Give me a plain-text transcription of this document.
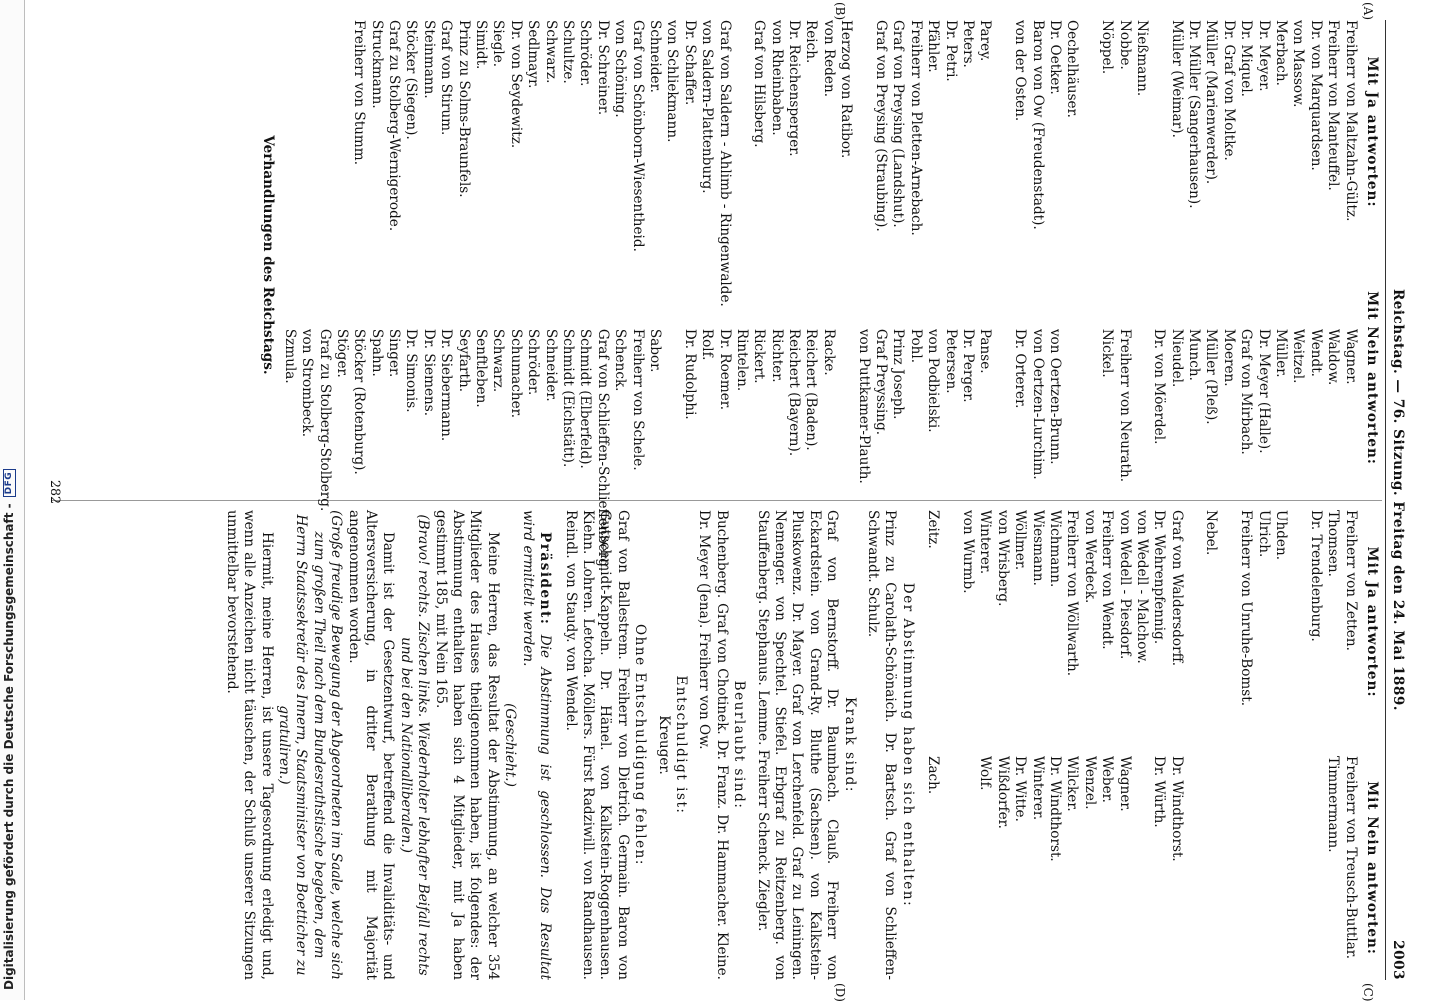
Digitalisierung gefördert durch die Deutsche Forschungsgemeinschaft -
DFG	Reichstag. — 76. Sitzung. Freitag den 24. Mai 1889.
2003
(A)
(B)
(C)
(D)
Mit Ja antworten:
Mit Nein antworten:
Freiherr von Maltzahn-Gültz.
Freiherr von Manteuffel.
Dr. von Marquardsen.
von Massow.
Merbach.
Dr. Meyer.
Dr. Miquel.
Dr. Graf von Moltke.
Müller (Marienwerder).
Dr. Müller (Sangerhausen).
Müller (Weimar).
Nießmann.
Nobbe.
Nöppel.
Oechelhäuser.
Dr. Oetker.
Baron von Ow (Freudenstadt).
von der Osten.
Parey.
Peters.
Dr. Petri.
Pfähler.
Freiherr von Pletten-Arnebach.
Graf von Preysing (Landshut).
Graf von Preysing (Straubing).
Herzog von Ratibor.
von Reden.
Reich.
Dr. Reichensperger.
von Rheinbaben.
Graf von Hilsberg.
Graf von Saldern - Ahlimb - Ringenwalde.
von Saldern-Plattenburg.
Dr. Schaffer.
von Schliekmann.
Schneider.
Graf von Schönborn-Wiesentheid.
von Schöning.
Dr. Schreiner.
Schröder.
Schultze.
Schwarz.
Sedlmayr.
Dr. von Seydewitz.
Siegle.
Simidt.
Prinz zu Solms-Braunfels.
Graf von Stirum.
Steinmann.
Stöcker (Siegen).
Graf zu Stolberg-Wernigerode.
Struckmann.
Freiherr von Stumm.
Wagner.
Waldow.
Wendt.
Weitzel.
Müller.
Dr. Meyer (Halle).
Graf von Mirbach.
Moeren.
Müller (Pleß).
Munch.
Nieudel.
Dr. von Möerdel.
Freiherr von Neurath.
Nickel.
von Oertzen-Brunn.
von Oertzen-Lurchim.
Dr. Orterer.
Panse.
Dr. Perger.
Petersen.
von Podbielski.
Pohl.
Prinz Joseph.
Graf Preyssing.
von Puttkamer-Plauth.
Racke.
Reichert (Baden).
Reichert (Bayern).
Richter.
Rickert.
Rintelen.
Dr. Roemer.
Rolf.
Dr. Rudolphi.
Sabor.
Freiherr von Schele.
Schenck.
Graf von Schlieffen-Schlieffenberg.
Schmidt (Elberfeld).
Schmidt (Eichstätt).
Schneider.
Schröder.
Schumacher.
Schwarz.
Senftleben.
Seyfarth.
Dr. Siebermann.
Dr. Siemens.
Dr. Simonis.
Singer.
Spahn.
Stöcker (Rotenburg).
Stöger.
Graf zu Stolberg-Stolberg.
von Strombeck.
Szmula.
Verhandlungen des Reichstags.
Mit Ja antworten:
Mit Nein antworten:
Freiherr von Zetten.
Thomsen.
Dr. Trendelenburg.
Uhden.
Ulrich.
Freiherr von Unruhe-Bomst.
Nebel.
Graf von Waldersdorff.
Dr. Wehrenpfennig.
von Wedell - Malchow.
von Wedell - Piesdorf.
Freiherr von Wendt.
von Werdeck.
Freiherr von Wöllwarth.
Wichmann.
Wiesmann.
Wöllmer.
von Wrisberg.
Winterer.
von Wurmb.
Zeitz.
Freiherr von Treusch-Buttlar.
Timmermann.
Dr. Windthorst.
Dr. Würth.
Wagner.
Weber.
Wenzel.
Wilcker.
Dr. Windthorst.
Winterer.
Dr. Witte.
Wißdorfer.
Wolf.
Zach.
Der Abstimmung haben sich enthalten:
Prinz zu Carolath-Schönaich. Dr. Bartsch. Graf von Schlieffen-Schwandt. Schulz.
Krank sind:
Graf von Bernstorff. Dr. Baumbach. Clauß. Freiherr von Eckardstein. von Grand-Ry. Bluthe (Sachsen). von Kalkstein-Pluskowenz. Dr. Mayer. Graf von Lerchenfeld. Graf zu Leiningen. Nemenger. von Spechtel. Stiefel. Erbgraf zu Reitzenberg. von Stauffenberg. Stephanus. Lemme. Freiherr Schenck. Ziegler.
Beurlaubt sind:
Buchenberg. Graf von Chotinek. Dr. Franz. Dr. Hammacher. Kleine. Dr. Meyer (Jena). Freiherr von Ow.
Entschuldigt ist:
Kreuger.
Ohne Entschuldigung fehlen:
Graf von Ballestrem. Freiherr von Dietrich. Germain. Baron von Gutschmidt-Kappeln. Dr. Hänel. von Kalkstein-Roggenhausen. Kiehn. Lohren. Letocha. Möllers. Fürst Radziwill. von Randhausen. Reindl. von Staudy. von Wendel.
Präsident: Die Abstimmung ist geschlossen. Das Resultat wird ermittelt werden.
(Geschieht.)
Meine Herren, das Resultat der Abstimmung, an welcher 354 Mitglieder des Hauses theilgenommen haben, ist folgendes: der Abstimmung enthalten haben sich 4 Mitglieder, mit Ja haben gestimmt 185, mit Nein 165.
(Bravo! rechts. Zischen links. Wiederholter lebhafter Beifall rechts und bei den Nationalliberalen.)
Damit ist der Gesetzentwurf, betreffend die Invaliditäts- und Altersversicherung, in dritter Berathung mit Majorität angenommen worden.
(Große freudige Bewegung der Abgeordneten im Saale, welche sich zum großen Theil nach dem Bundesrathstische begeben, dem Herrn Staatssekretär des Innern, Staatsminister von Boetticher zu gratuliren.)
Hiermit, meine Herren, ist unsere Tagesordnung erledigt und, wenn alle Anzeichen nicht täuschen, der Schluß unserer Sitzungen unmittelbar bevorstehend.
282
